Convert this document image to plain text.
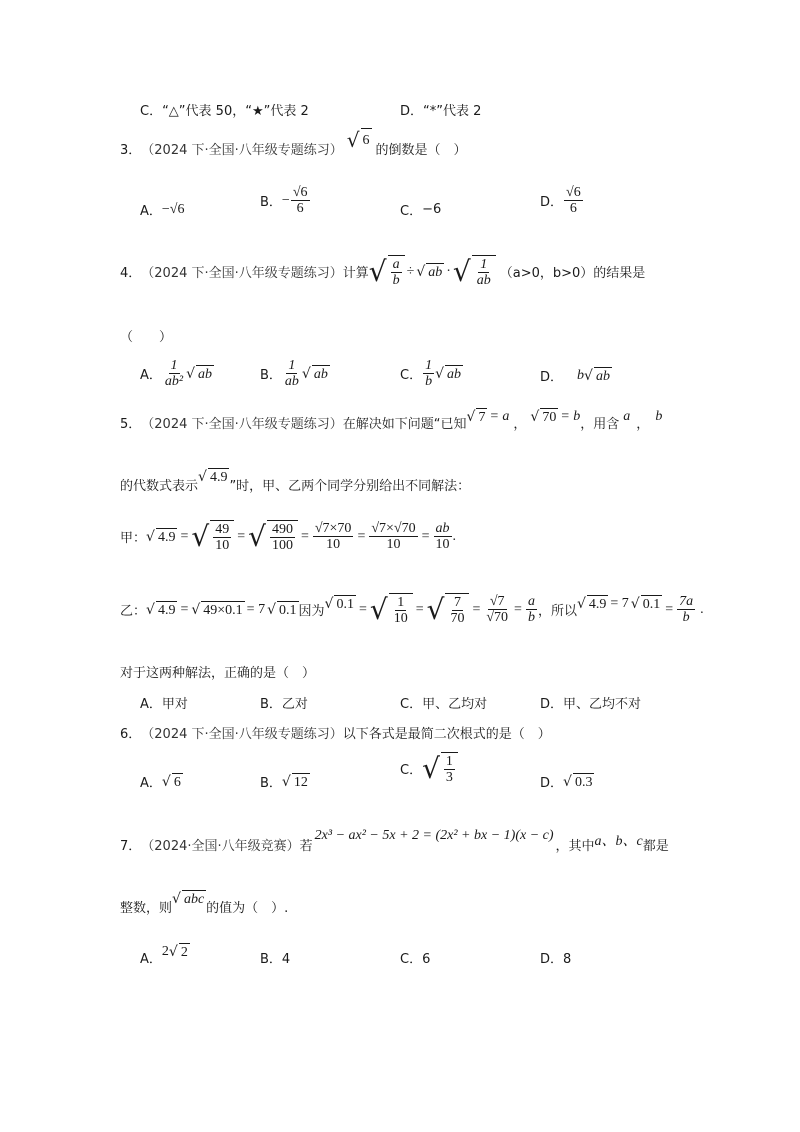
C．“△”代表 50，“★”代表 2	D．“*”代表 2
3． （2024 下·全国·八年级专题练习） √ 6
的倒数是（　）
A． −√6	B． − $\frac{√6}{6}$	C． −6	D． $\frac{√6}{6}$
4． （2024 下·全国·八年级专题练习） 计算 √ $\frac{a}{b}$ ÷ √ ab · √ $\frac{1}{ab} (a>0$，b>0）的结果是
（　　）
A． $\frac{1}{\text{ab²}}$ √ ab	B． $\frac{1}{ab}$ √ ab	C． $\frac{1}{b}$ √ ab	D． b √ ab
5． （2024 下·全国·八年级专题练习） 在解决如下问题“已知 √ 7 = a
， √ 70 = b
，用含
a
，
b
的代数式表示
√ 4.9
”时，甲、乙两个同学分别给出不同解法：
甲： √ 4.9 = √ $\frac{49}{10}$ = √ $\frac{490}{100} = \frac{√7\times 70}{10} = \frac{√7\times√70}{10} = \frac{ab}{10}$ .
乙： √ 4.9 = √ 49×0.1 = 7 √ 0.1 因为 √ 0.1 = √ $\frac{1}{10}$ = √ $\frac{7}{70} = \frac{√7}{√70} = \frac{a}{b}$ ，所以 √ 4.9 = 7 √ $0.1 = \frac{7a}{b}$ .
对于这两种解法，正确的是（　）
A．甲对	B．乙对	C．甲、乙均对	D．甲、乙均不对
6． （2024 下·全国·八年级专题练习） 以下各式是最简二次根式的是（　）
A． √ 6	B． √ 12
C． √ $\frac{1}{3}$	D． √ 0.3
7． （2024·全国·八年级竞赛） 若
2x³ − ax² − 5x + 2 = (2x² + bx − 1)(x − c)
，其中 a、b、c 都是
整数，则
√ abc
的值为（　）.
A．
2 √ 2	B．4	C．6	D．8
